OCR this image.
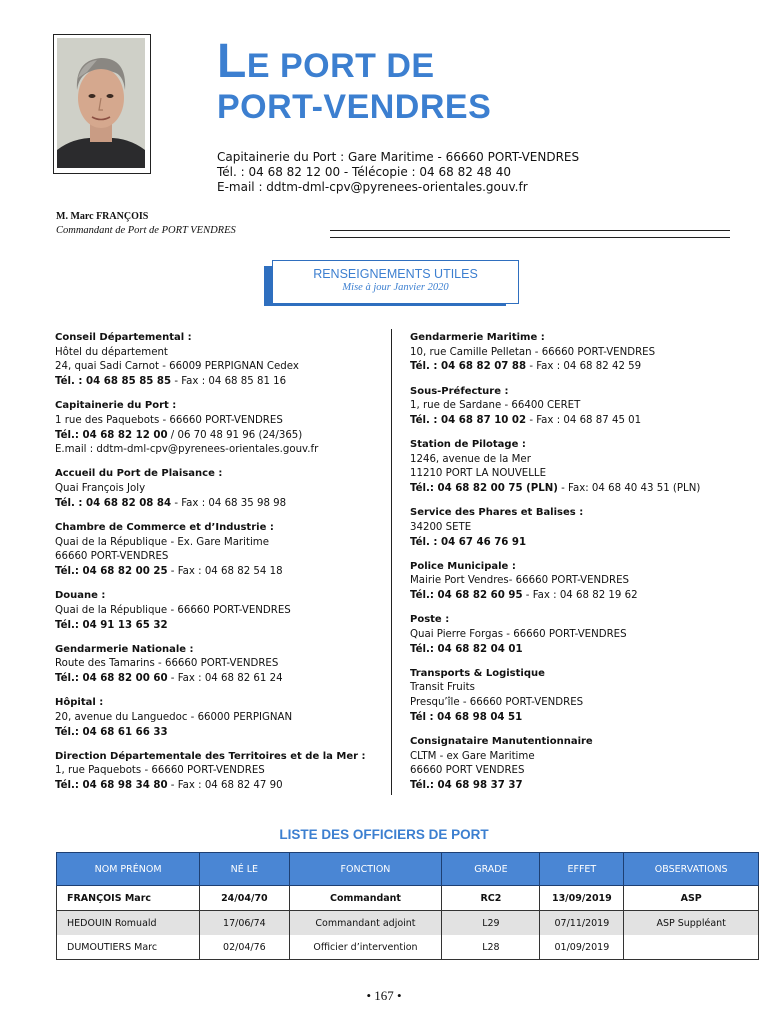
LE PORT DE
PORT-VENDRES
Capitainerie du Port : Gare Maritime - 66660 PORT-VENDRES
Tél. : 04 68 82 12 00 - Télécopie : 04 68 82 48 40
E-mail : ddtm-dml-cpv@pyrenees-orientales.gouv.fr
M. Marc FRANÇOIS
Commandant de Port de PORT VENDRES
RENSEIGNEMENTS UTILES
Mise à jour Janvier 2020
Conseil Départemental :
Hôtel du département
24, quai Sadi Carnot - 66009 PERPIGNAN Cedex
Tél. : 04 68 85 85 85 - Fax : 04 68 85 81 16
Capitainerie du Port :
1 rue des Paquebots - 66660 PORT-VENDRES
Tél.: 04 68 82 12 00 / 06 70 48 91 96 (24/365)
E.mail : ddtm-dml-cpv@pyrenees-orientales.gouv.fr
Accueil du Port de Plaisance :
Quai François Joly
Tél. : 04 68 82 08 84 - Fax : 04 68 35 98 98
Chambre de Commerce et d’Industrie :
Quai de la République - Ex. Gare Maritime
66660 PORT-VENDRES
Tél.: 04 68 82 00 25 - Fax : 04 68 82 54 18
Douane :
Quai de la République - 66660 PORT-VENDRES
Tél.: 04 91 13 65 32
Gendarmerie Nationale :
Route des Tamarins - 66660 PORT-VENDRES
Tél.: 04 68 82 00 60 - Fax : 04 68 82 61 24
Hôpital :
20, avenue du Languedoc - 66000 PERPIGNAN
Tél.: 04 68 61 66 33
Direction Départementale des Territoires et de la Mer :
1, rue Paquebots - 66660 PORT-VENDRES
Tél.: 04 68 98 34 80 - Fax : 04 68 82 47 90
Gendarmerie Maritime :
10, rue Camille Pelletan - 66660 PORT-VENDRES
Tél. : 04 68 82 07 88 - Fax : 04 68 82 42 59
Sous-Préfecture :
1, rue de Sardane - 66400 CERET
Tél. : 04 68 87 10 02 - Fax : 04 68 87 45 01
Station de Pilotage :
1246, avenue de la Mer
11210 PORT LA NOUVELLE
Tél.: 04 68 82 00 75 (PLN) - Fax: 04 68 40 43 51 (PLN)
Service des Phares et Balises :
34200 SETE
Tél. : 04 67 46 76 91
Police Municipale :
Mairie Port Vendres- 66660 PORT-VENDRES
Tél.: 04 68 82 60 95 - Fax : 04 68 82 19 62
Poste :
Quai Pierre Forgas - 66660 PORT-VENDRES
Tél.: 04 68 82 04 01
Transports & Logistique
Transit Fruits
Presqu’île - 66660 PORT-VENDRES
Tél : 04 68 98 04 51
Consignataire Manutentionnaire
CLTM - ex Gare Maritime
66660 PORT VENDRES
Tél.: 04 68 98 37 37
LISTE DES OFFICIERS DE PORT
NOM PRÉNOM	NÉ LE	FONCTION	GRADE	EFFET	OBSERVATIONS
FRANÇOIS Marc	24/04/70	Commandant	RC2	13/09/2019	ASP
HEDOUIN Romuald	17/06/74	Commandant adjoint	L29	07/11/2019	ASP Suppléant
DUMOUTIERS Marc	02/04/76	Officier d’intervention	L28	01/09/2019	
• 167 •
